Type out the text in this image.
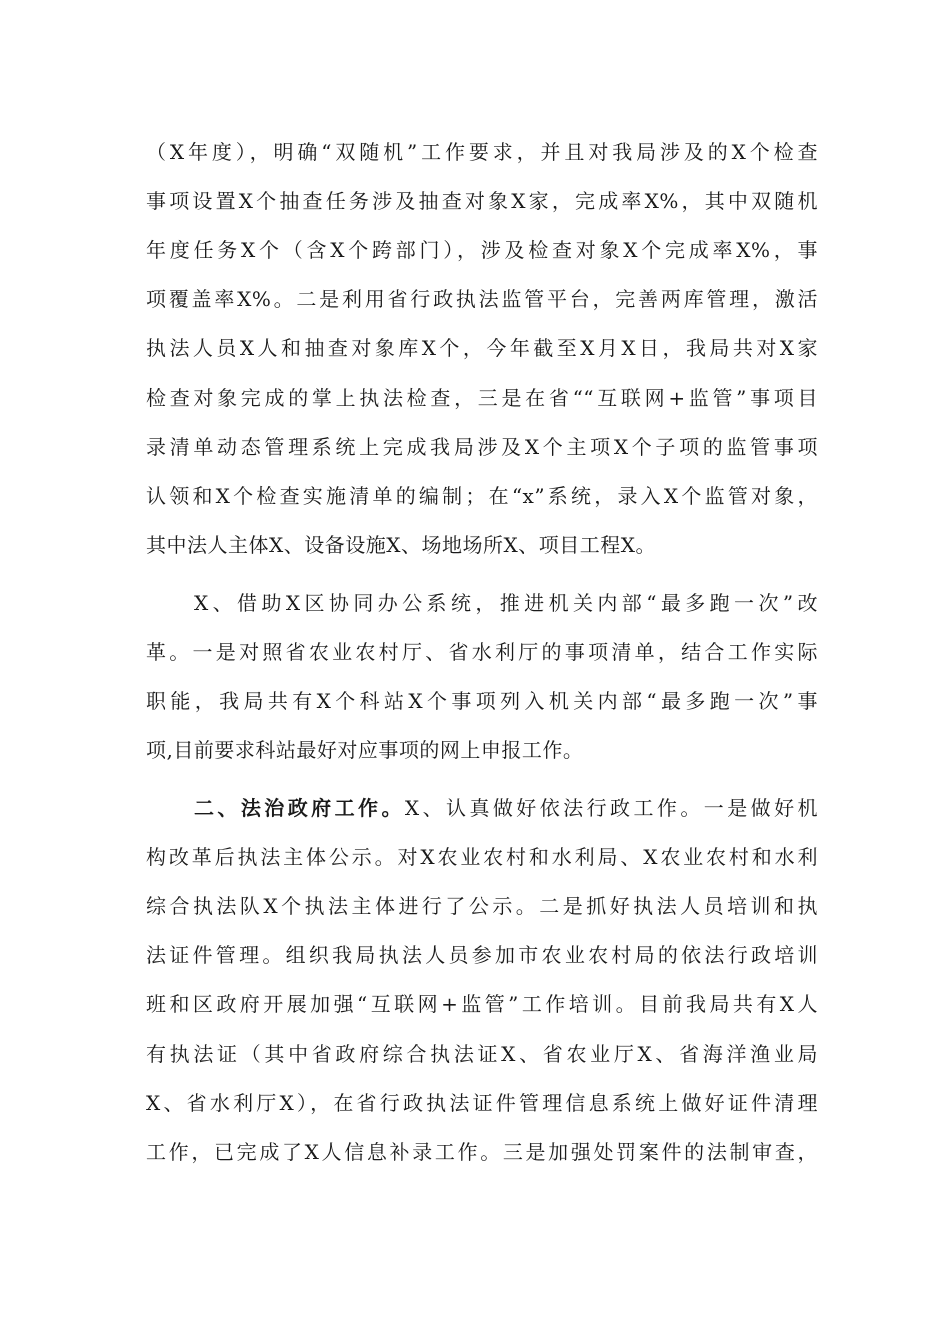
（X年度），明确“双随机”工作要求，并且对我局涉及的X个检查
事项设置X个抽查任务涉及抽查对象X家，完成率X%，其中双随机
年度任务X个（含X个跨部门），涉及检查对象X个完成率X%，事
项覆盖率X%。二是利用省行政执法监管平台，完善两库管理，激活
执法人员X人和抽查对象库X个，今年截至X月X日，我局共对X家
检查对象完成的掌上执法检查，三是在省““互联网+监管”事项目
录清单动态管理系统上完成我局涉及X个主项X个子项的监管事项
认领和X个检查实施清单的编制；在“x”系统，录入X个监管对象，
其中法人主体X、设备设施X、场地场所X、项目工程X。
X、借助X区协同办公系统，推进机关内部“最多跑一次”改
革。一是对照省农业农村厅、省水利厅的事项清单，结合工作实际
职能，我局共有X个科站X个事项列入机关内部“最多跑一次”事
项,目前要求科站最好对应事项的网上申报工作。
二、法治政府工作。X、认真做好依法行政工作。一是做好机
构改革后执法主体公示。对X农业农村和水利局、X农业农村和水利
综合执法队X个执法主体进行了公示。二是抓好执法人员培训和执
法证件管理。组织我局执法人员参加市农业农村局的依法行政培训
班和区政府开展加强“互联网+监管”工作培训。目前我局共有X人
有执法证（其中省政府综合执法证X、省农业厅X、省海洋渔业局
X、省水利厅X），在省行政执法证件管理信息系统上做好证件清理
工作，已完成了X人信息补录工作。三是加强处罚案件的法制审查，
